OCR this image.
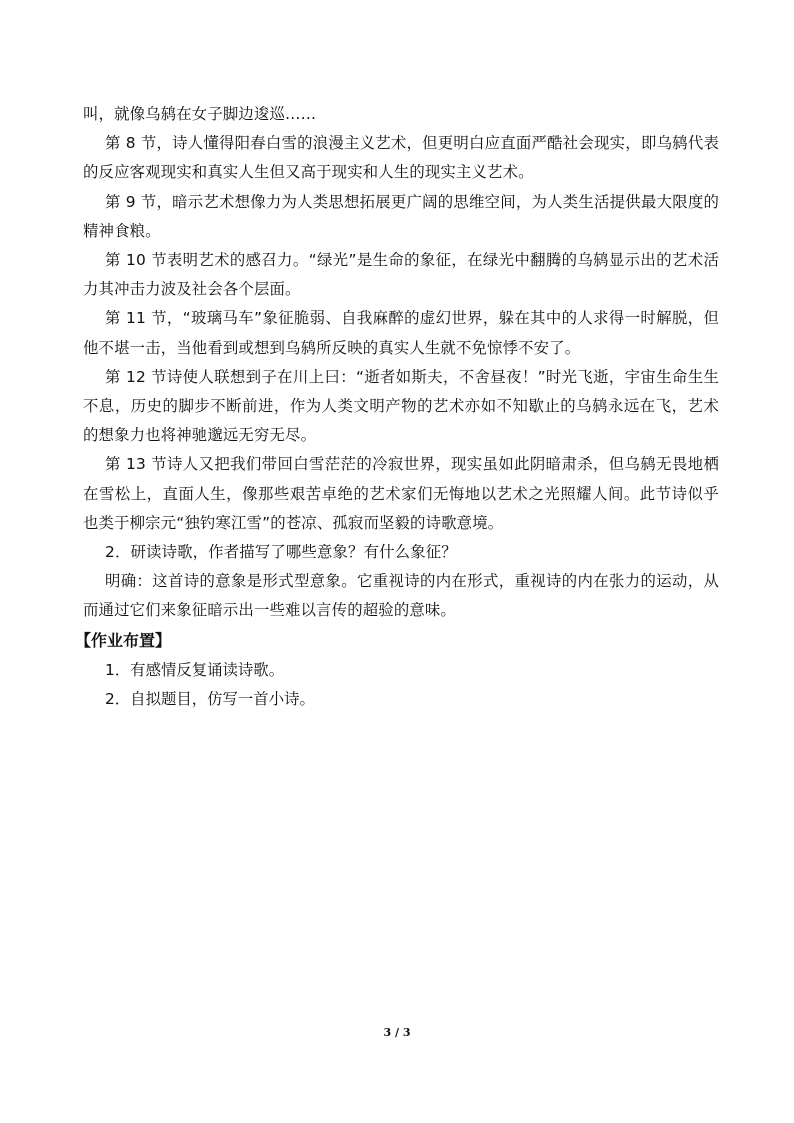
叫，就像乌鸫在女子脚边逡巡……

第 8 节，诗人懂得阳春白雪的浪漫主义艺术，但更明白应直面严酷社会现实，即乌鸫代表的反应客观现实和真实人生但又高于现实和人生的现实主义艺术。

第 9 节，暗示艺术想像力为人类思想拓展更广阔的思维空间，为人类生活提供最大限度的精神食粮。

第 10 节表明艺术的感召力。“绿光”是生命的象征，在绿光中翻腾的乌鸫显示出的艺术活力其冲击力波及社会各个层面。

第 11 节，“玻璃马车”象征脆弱、自我麻醉的虚幻世界，躲在其中的人求得一时解脱，但他不堪一击，当他看到或想到乌鸫所反映的真实人生就不免惊悸不安了。

第 12 节诗使人联想到子在川上曰：“逝者如斯夫，不舍昼夜！”时光飞逝，宇宙生命生生不息，历史的脚步不断前进，作为人类文明产物的艺术亦如不知歇止的乌鸫永远在飞，艺术的想象力也将神驰邈远无穷无尽。

第 13 节诗人又把我们带回白雪茫茫的冷寂世界，现实虽如此阴暗肃杀，但乌鸫无畏地栖在雪松上，直面人生，像那些艰苦卓绝的艺术家们无悔地以艺术之光照耀人间。此节诗似乎也类于柳宗元“独钓寒江雪”的苍凉、孤寂而坚毅的诗歌意境。

2．研读诗歌，作者描写了哪些意象？有什么象征？

明确：这首诗的意象是形式型意象。它重视诗的内在形式，重视诗的内在张力的运动，从而通过它们来象征暗示出一些难以言传的超验的意味。

【作业布置】

1．有感情反复诵读诗歌。

2．自拟题目，仿写一首小诗。

3 / 3
